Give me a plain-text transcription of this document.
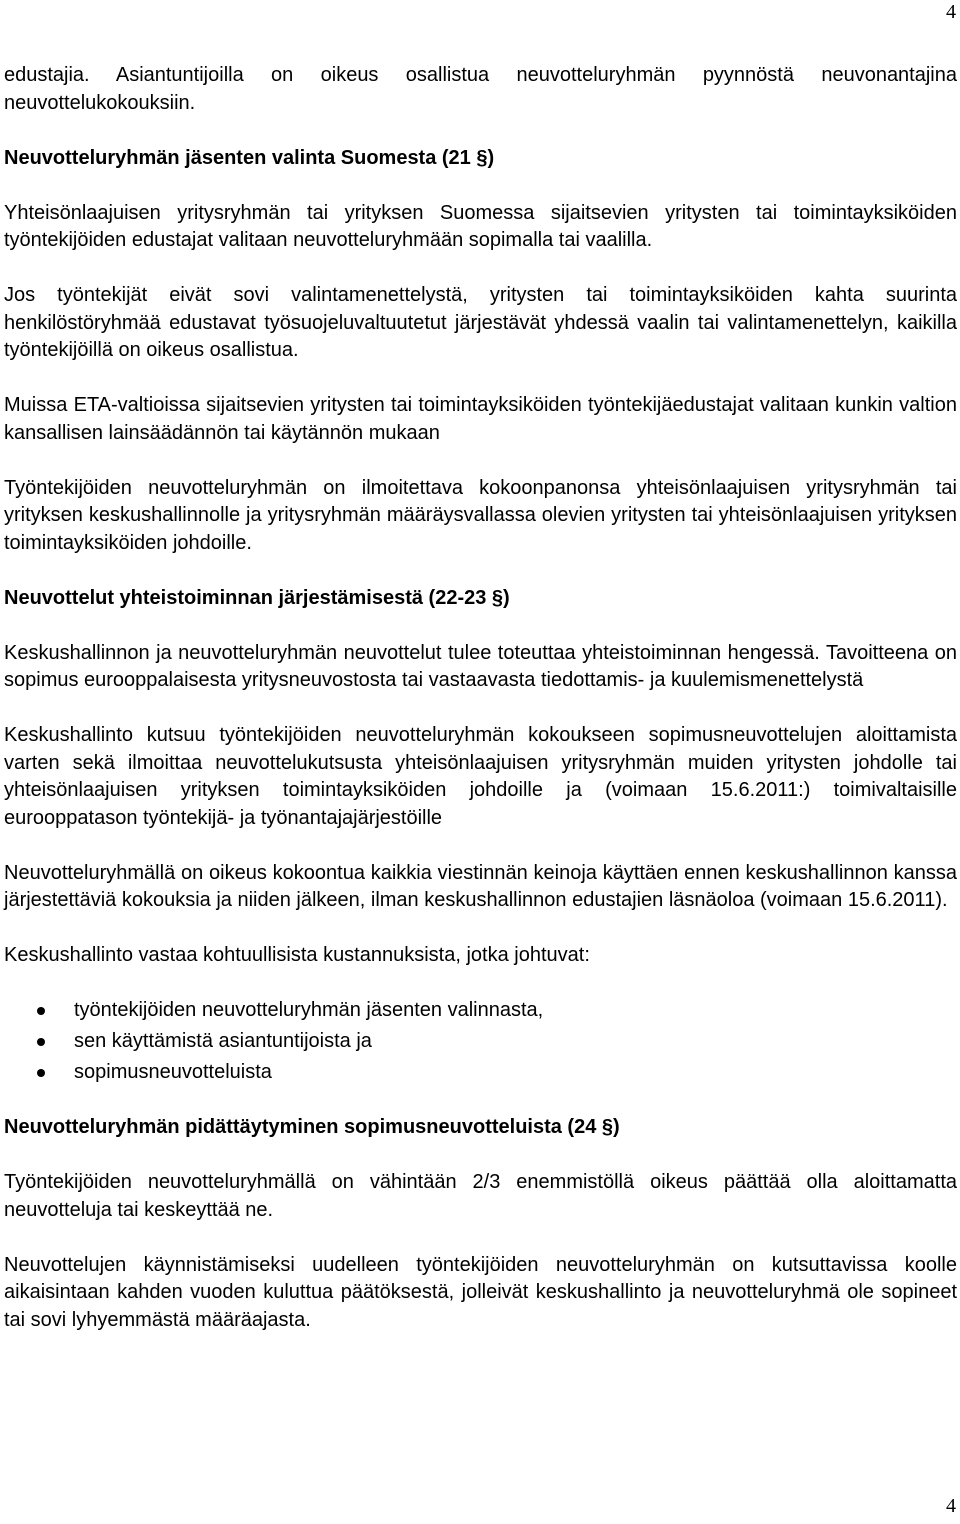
4

edustajia. Asiantuntijoilla on oikeus osallistua neuvotteluryhmän pyynnöstä neuvonantajina neuvottelukokouksiin.

Neuvotteluryhmän jäsenten valinta Suomesta (21 §)

Yhteisönlaajuisen yritysryhmän tai yrityksen Suomessa sijaitsevien yritysten tai toimintayksiköiden työntekijöiden edustajat valitaan neuvotteluryhmään sopimalla tai vaalilla.

Jos työntekijät eivät sovi valintamenettelystä, yritysten tai toimintayksiköiden kahta suurinta henkilöstöryhmää edustavat työsuojeluvaltuutetut järjestävät yhdessä vaalin tai valintamenettelyn, kaikilla työntekijöillä on oikeus osallistua.

Muissa ETA-valtioissa sijaitsevien yritysten tai toimintayksiköiden työntekijäedustajat valitaan kunkin valtion kansallisen lainsäädännön tai käytännön mukaan

Työntekijöiden neuvotteluryhmän on ilmoitettava kokoonpanonsa yhteisönlaajuisen yritysryhmän tai yrityksen keskushallinnolle ja yritysryhmän määräysvallassa olevien yritysten tai yhteisönlaajuisen yrityksen toimintayksiköiden johdoille.

Neuvottelut yhteistoiminnan järjestämisestä (22-23 §)

Keskushallinnon ja neuvotteluryhmän neuvottelut tulee toteuttaa yhteistoiminnan hengessä. Tavoitteena on sopimus eurooppalaisesta yritysneuvostosta tai vastaavasta tiedottamis- ja kuulemismenettelystä

Keskushallinto kutsuu työntekijöiden neuvotteluryhmän kokoukseen sopimusneuvottelujen aloittamista varten sekä ilmoittaa neuvottelukutsusta yhteisönlaajuisen yritysryhmän muiden yritysten johdolle tai yhteisönlaajuisen yrityksen toimintayksiköiden johdoille ja (voimaan 15.6.2011:) toimivaltaisille eurooppatason työntekijä- ja työnantajajärjestöille

Neuvotteluryhmällä on oikeus kokoontua kaikkia viestinnän keinoja käyttäen ennen keskushallinnon kanssa järjestettäviä kokouksia ja niiden jälkeen, ilman keskushallinnon edustajien läsnäoloa (voimaan 15.6.2011).

Keskushallinto vastaa kohtuullisista kustannuksista, jotka johtuvat:

työntekijöiden neuvotteluryhmän jäsenten valinnasta,
sen käyttämistä asiantuntijoista ja
sopimusneuvotteluista
Neuvotteluryhmän pidättäytyminen sopimusneuvotteluista (24 §)

Työntekijöiden neuvotteluryhmällä on vähintään 2/3 enemmistöllä oikeus päättää olla aloittamatta neuvotteluja tai keskeyttää ne.

Neuvottelujen käynnistämiseksi uudelleen työntekijöiden neuvotteluryhmän on kutsuttavissa koolle aikaisintaan kahden vuoden kuluttua päätöksestä, jolleivät keskushallinto ja neuvotteluryhmä ole sopineet tai sovi lyhyemmästä määräajasta.

4
